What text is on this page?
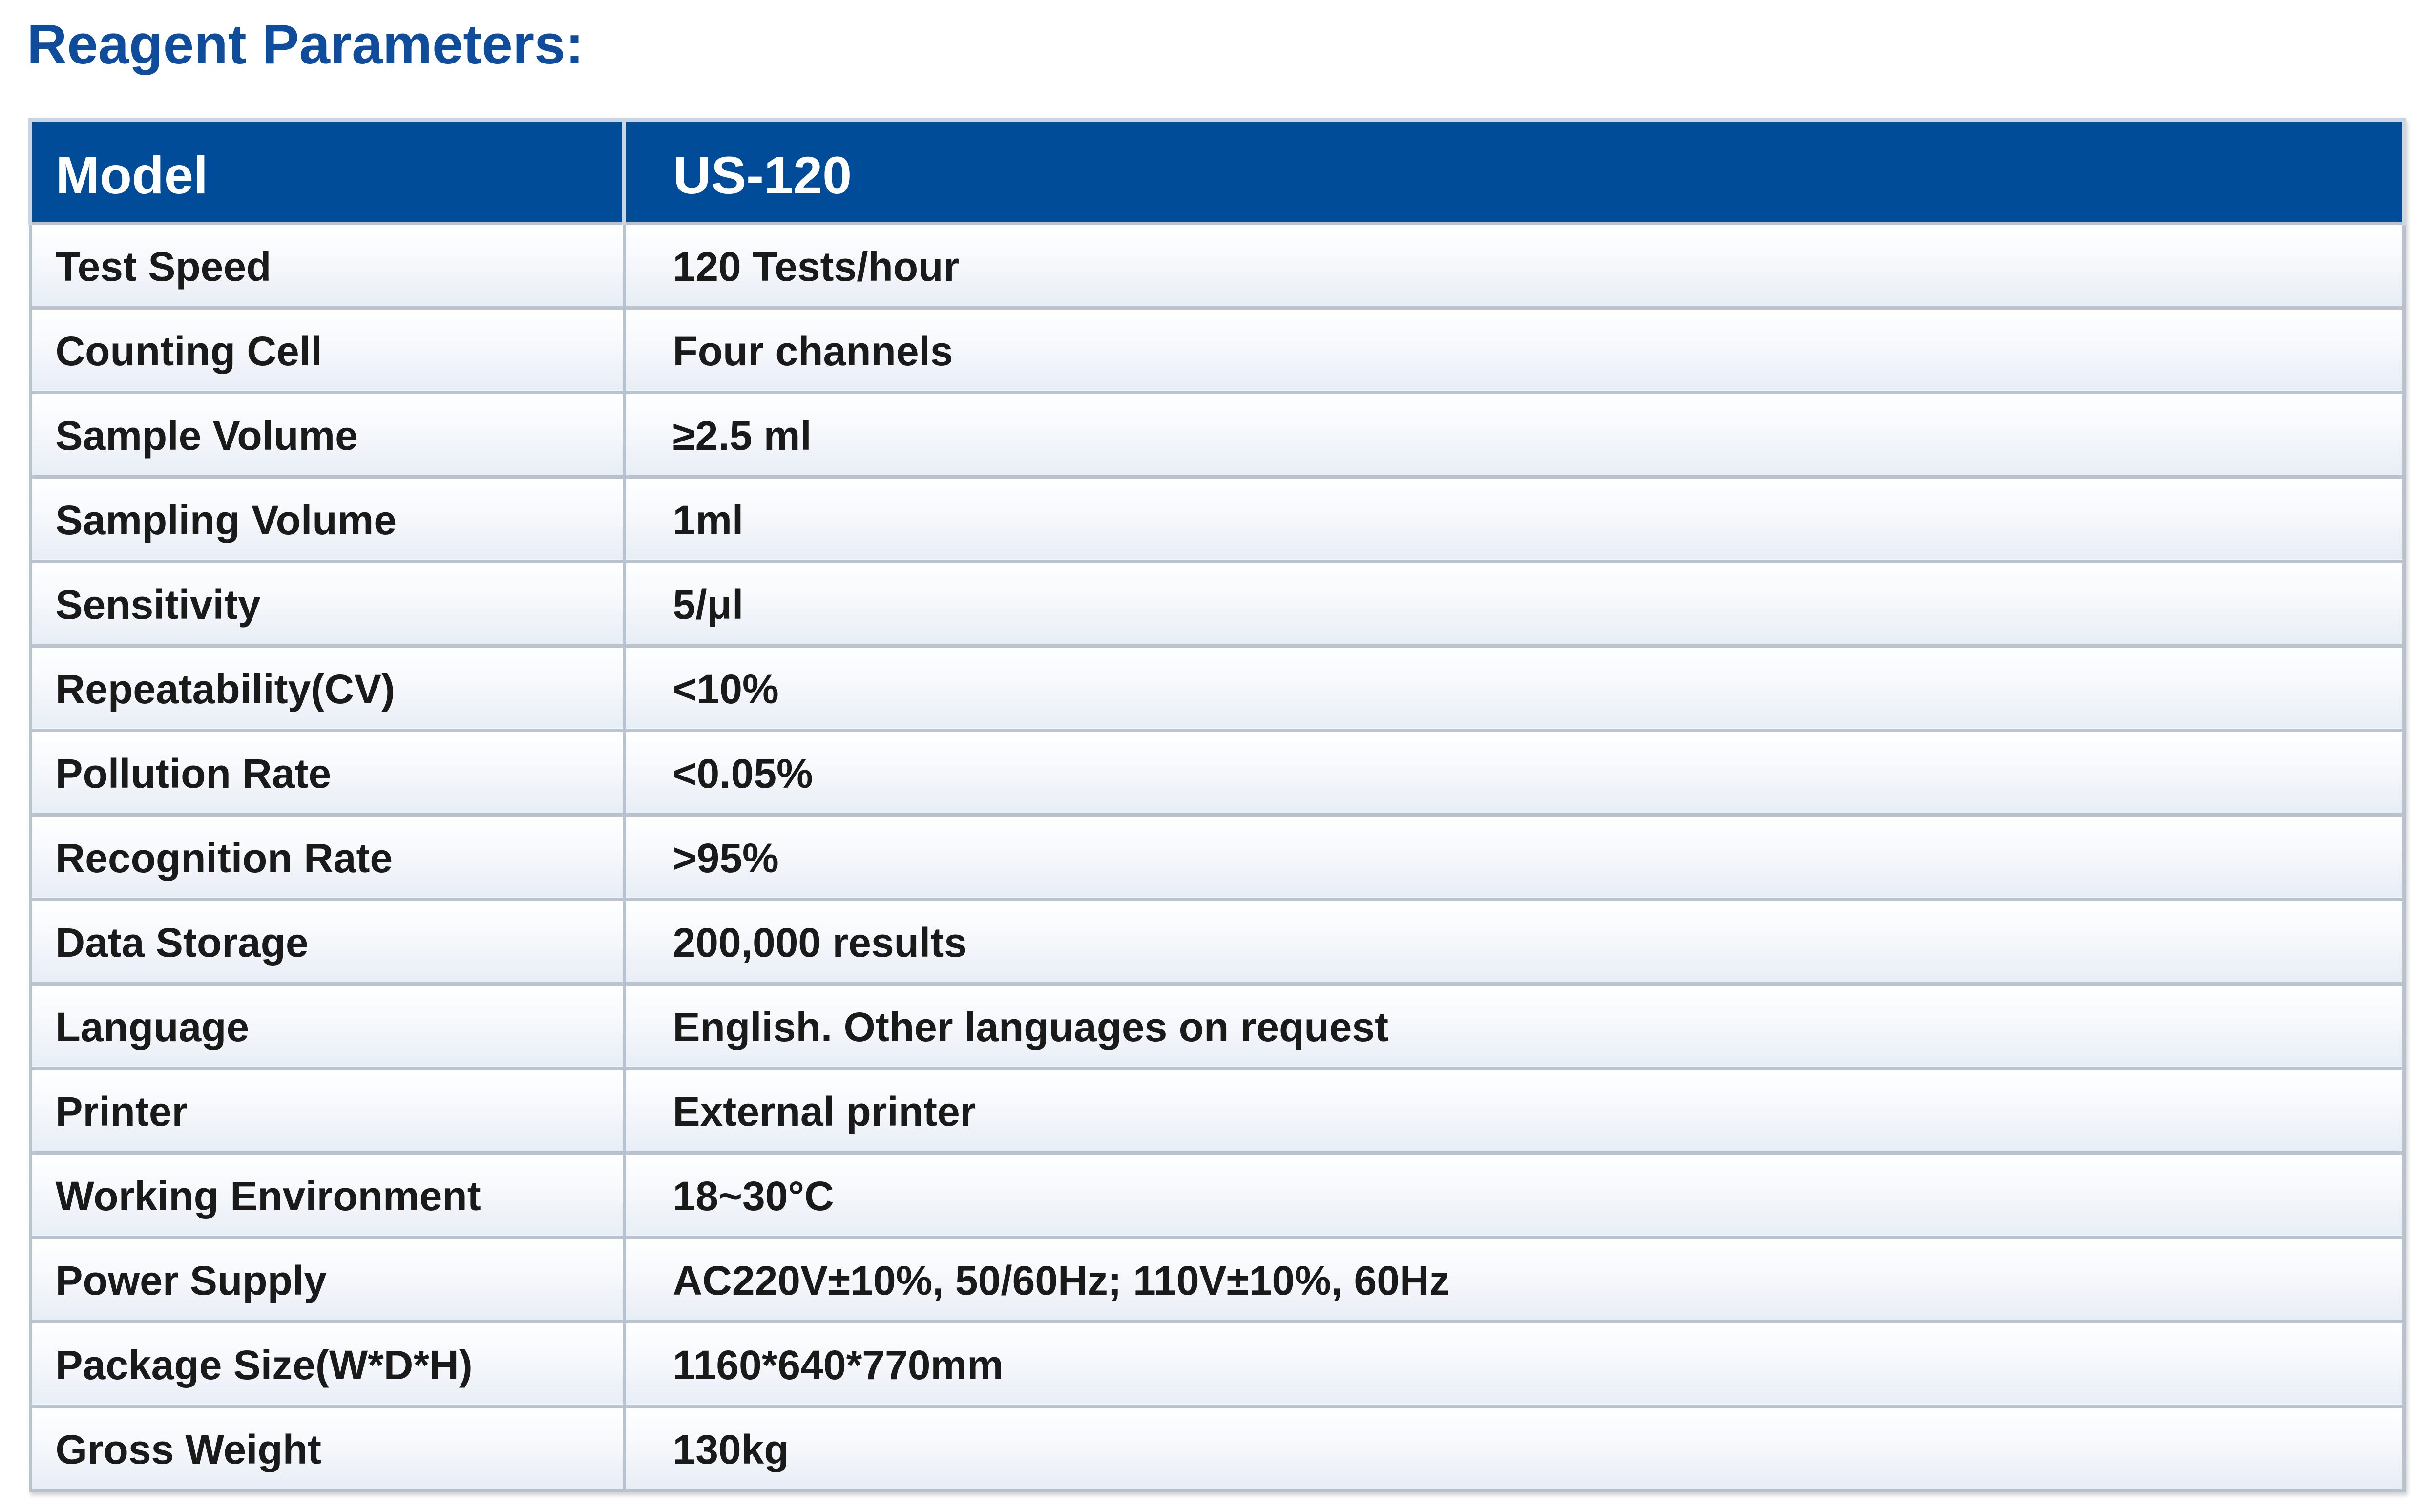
Reagent Parameters:
Model	US-120
Test Speed	120 Tests/hour
Counting Cell	Four channels
Sample Volume	≥2.5 ml
Sampling Volume	1ml
Sensitivity	5/μl
Repeatability(CV)	<10%
Pollution Rate	<0.05%
Recognition Rate	>95%
Data Storage	200,000 results
Language	English. Other languages on request
Printer	External printer
Working Environment	18~30°C
Power Supply	AC220V±10%, 50/60Hz; 110V±10%, 60Hz
Package Size(W*D*H)	1160*640*770mm
Gross Weight	130kg
